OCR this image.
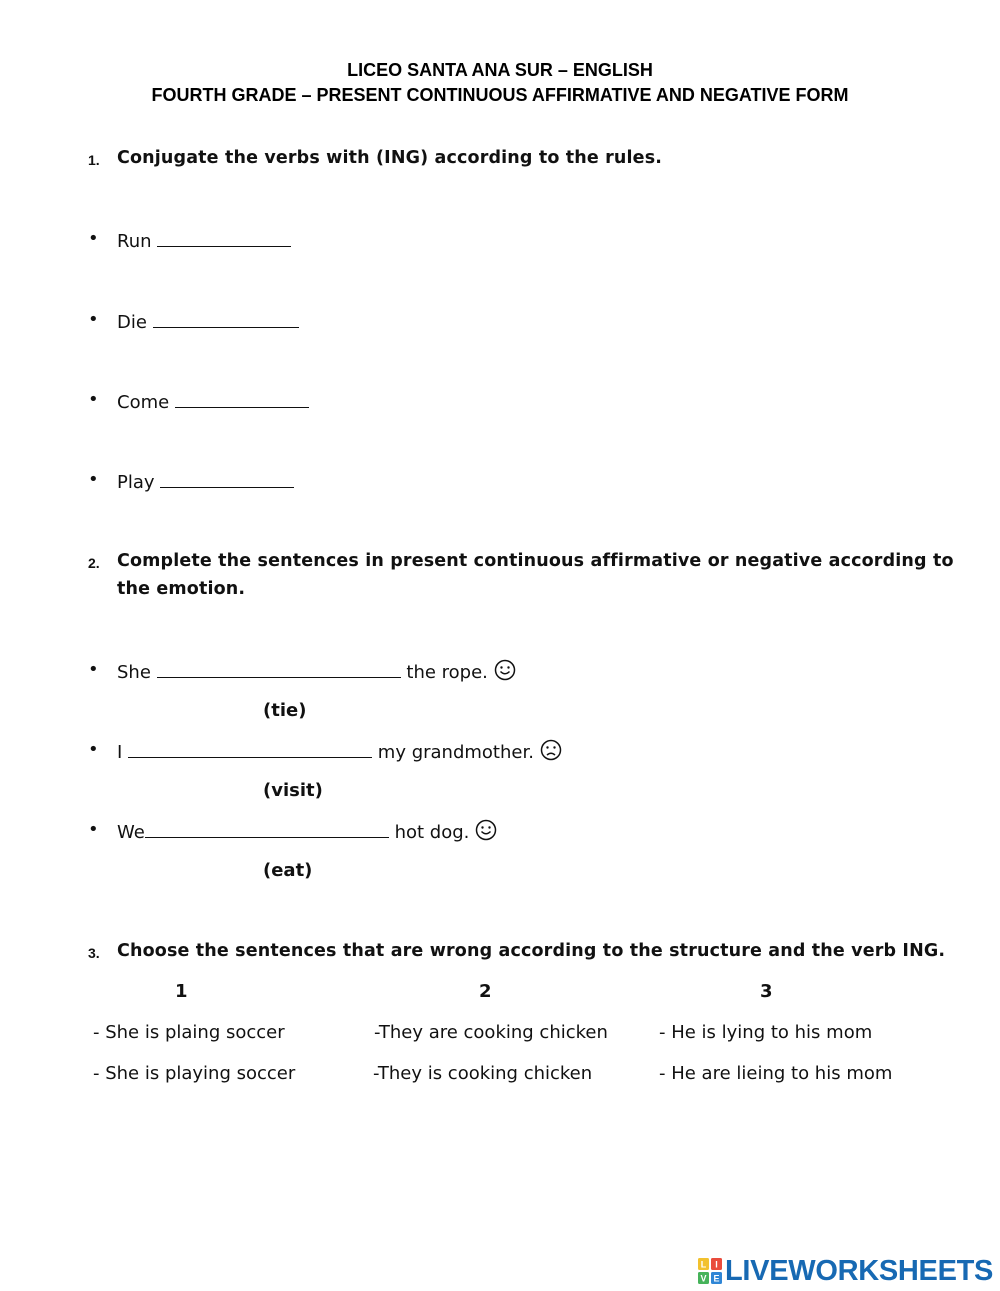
LICEO SANTA ANA SUR – ENGLISH
FOURTH GRADE – PRESENT CONTINUOUS AFFIRMATIVE AND NEGATIVE FORM
1. Conjugate the verbs with (ING) according to the rules.
• Run
• Die
• Come
• Play
2. Complete the sentences in present continuous affirmative or negative according to
the emotion.
• She	the rope.
(tie)
• I	my grandmother.
(visit)
• We	hot dog.
(eat)
3. Choose the sentences that are wrong according to the structure and the verb ING.
1	2	3
- She is plaing soccer	-They are cooking chicken	- He is lying to his mom
- She is playing soccer	-They is cooking chicken	- He are lieing to his mom
L I
V E LIVEWORKSHEETS
